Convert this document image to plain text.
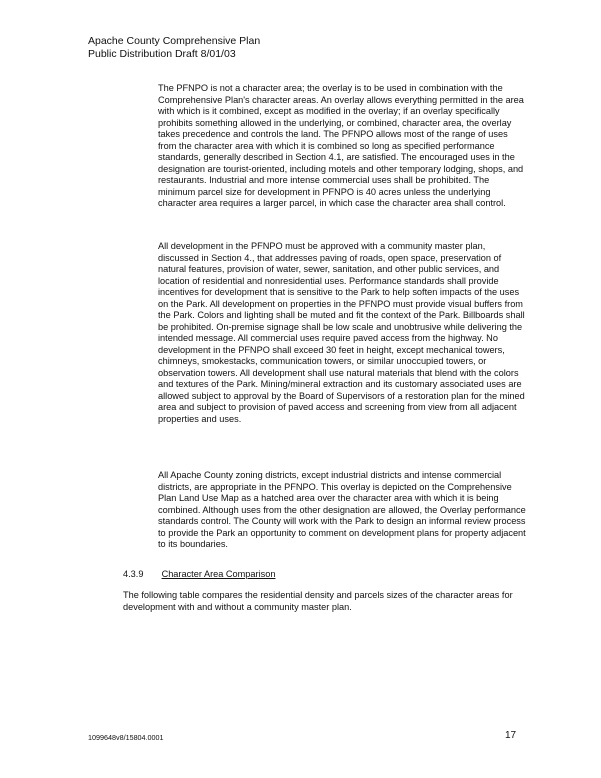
Apache County Comprehensive Plan
Public Distribution Draft 8/01/03

The PFNPO is not a character area; the overlay is to be used in combination with the Comprehensive Plan's character areas. An overlay allows everything permitted in the area with which is it combined, except as modified in the overlay; if an overlay specifically prohibits something allowed in the underlying, or combined, character area, the overlay takes precedence and controls the land. The PFNPO allows most of the range of uses from the character area with which it is combined so long as specified performance standards, generally described in Section 4.1, are satisfied. The encouraged uses in the designation are tourist-oriented, including motels and other temporary lodging, shops, and restaurants. Industrial and more intense commercial uses shall be prohibited. The minimum parcel size for development in PFNPO is 40 acres unless the underlying character area requires a larger parcel, in which case the character area shall control.

All development in the PFNPO must be approved with a community master plan, discussed in Section 4., that addresses paving of roads, open space, preservation of natural features, provision of water, sewer, sanitation, and other public services, and location of residential and nonresidential uses. Performance standards shall provide incentives for development that is sensitive to the Park to help soften impacts of the uses on the Park. All development on properties in the PFNPO must provide visual buffers from the Park. Colors and lighting shall be muted and fit the context of the Park. Billboards shall be prohibited. On-premise signage shall be low scale and unobtrusive while delivering the intended message. All commercial uses require paved access from the highway. No development in the PFNPO shall exceed 30 feet in height, except mechanical towers, chimneys, smokestacks, communication towers, or similar unoccupied towers, or observation towers. All development shall use natural materials that blend with the colors and textures of the Park. Mining/mineral extraction and its customary associated uses are allowed subject to approval by the Board of Supervisors of a restoration plan for the mined area and subject to provision of paved access and screening from view from all adjacent properties and uses.

All Apache County zoning districts, except industrial districts and intense commercial districts, are appropriate in the PFNPO. This overlay is depicted on the Comprehensive Plan Land Use Map as a hatched area over the character area with which it is being combined. Although uses from the other designation are allowed, the Overlay performance standards control. The County will work with the Park to design an informal review process to provide the Park an opportunity to comment on development plans for property adjacent to its boundaries.

4.3.9 Character Area Comparison

The following table compares the residential density and parcels sizes of the character areas for development with and without a community master plan.

1099648v8/15804.0001	17
